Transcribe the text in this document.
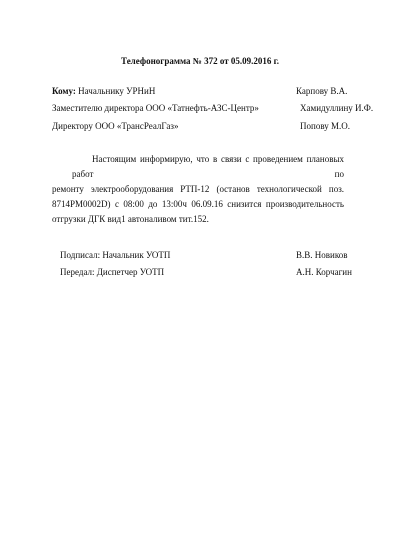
Телефонограмма № 372 от 05.09.2016 г.
Кому: Начальнику УРНиН	Карпову В.А.
Заместителю директора ООО «Татнефть-АЗС-Центр»	Хамидуллину И.Ф.
Директору ООО «ТрансРеалГаз»	Попову М.О.
Настоящим информирую, что в связи с проведением плановых работ по
ремонту электрооборудования РТП-12 (останов технологической поз.
8714РМ0002D) с 08:00 до 13:00ч 06.09.16 снизится производительность
отгрузки ДГК вид1 автоналивом тит.152.
Подписал: Начальник УОТП	В.В. Новиков
Передал: Диспетчер УОТП	А.Н. Корчагин
